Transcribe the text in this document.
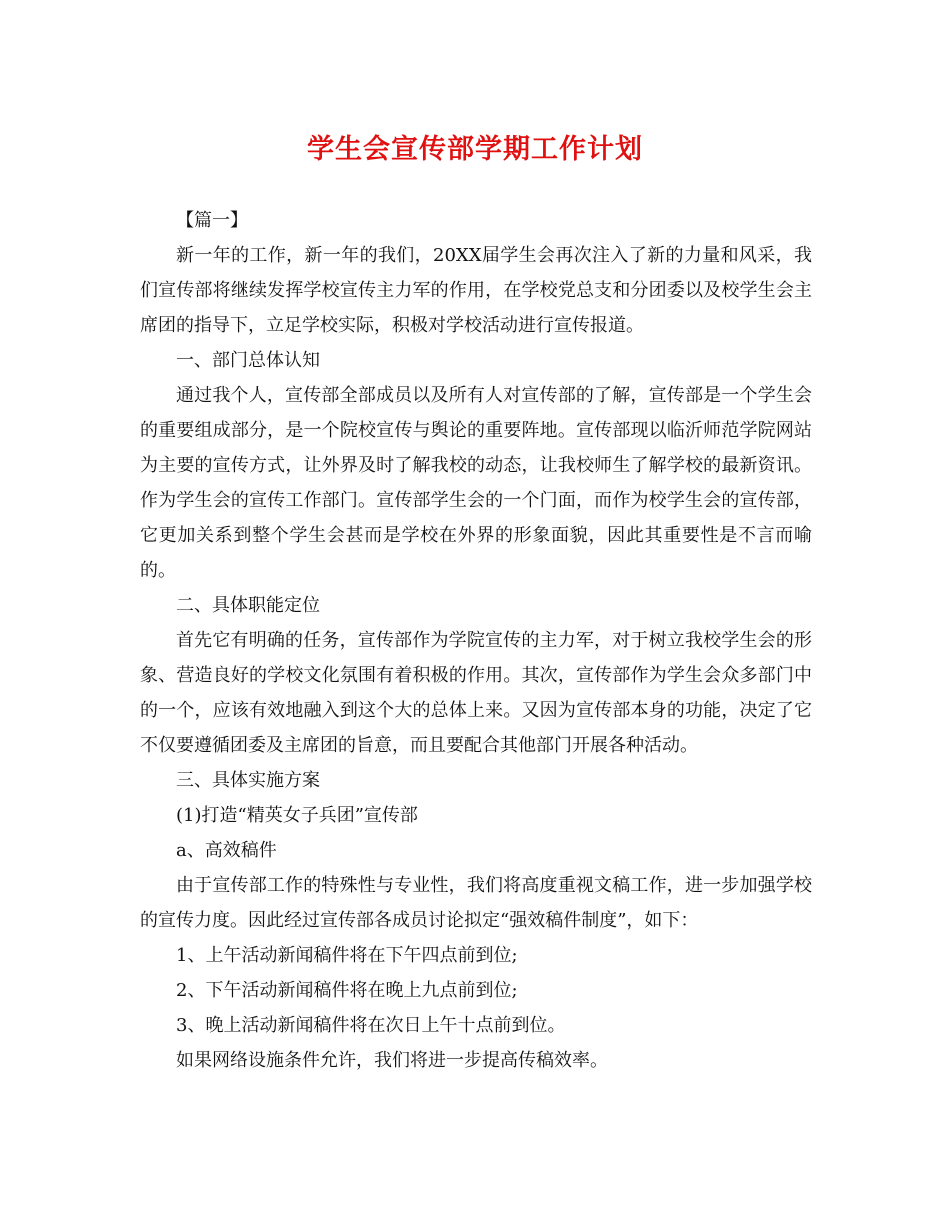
学生会宣传部学期工作计划

【篇一】

新一年的工作，新一年的我们，20XX届学生会再次注入了新的力量和风采，我们宣传部将继续发挥学校宣传主力军的作用，在学校党总支和分团委以及校学生会主席团的指导下，立足学校实际，积极对学校活动进行宣传报道。

一、部门总体认知

通过我个人，宣传部全部成员以及所有人对宣传部的了解，宣传部是一个学生会的重要组成部分，是一个院校宣传与舆论的重要阵地。宣传部现以临沂师范学院网站为主要的宣传方式，让外界及时了解我校的动态，让我校师生了解学校的最新资讯。作为学生会的宣传工作部门。宣传部学生会的一个门面，而作为校学生会的宣传部，它更加关系到整个学生会甚而是学校在外界的形象面貌，因此其重要性是不言而喻的。

二、具体职能定位

首先它有明确的任务，宣传部作为学院宣传的主力军，对于树立我校学生会的形象、营造良好的学校文化氛围有着积极的作用。其次，宣传部作为学生会众多部门中的一个，应该有效地融入到这个大的总体上来。又因为宣传部本身的功能，决定了它不仅要遵循团委及主席团的旨意，而且要配合其他部门开展各种活动。

三、具体实施方案

(1)打造“精英女子兵团”宣传部

a、高效稿件

由于宣传部工作的特殊性与专业性，我们将高度重视文稿工作，进一步加强学校的宣传力度。因此经过宣传部各成员讨论拟定“强效稿件制度”，如下：

1、上午活动新闻稿件将在下午四点前到位;

2、下午活动新闻稿件将在晚上九点前到位;

3、晚上活动新闻稿件将在次日上午十点前到位。

如果网络设施条件允许，我们将进一步提高传稿效率。
